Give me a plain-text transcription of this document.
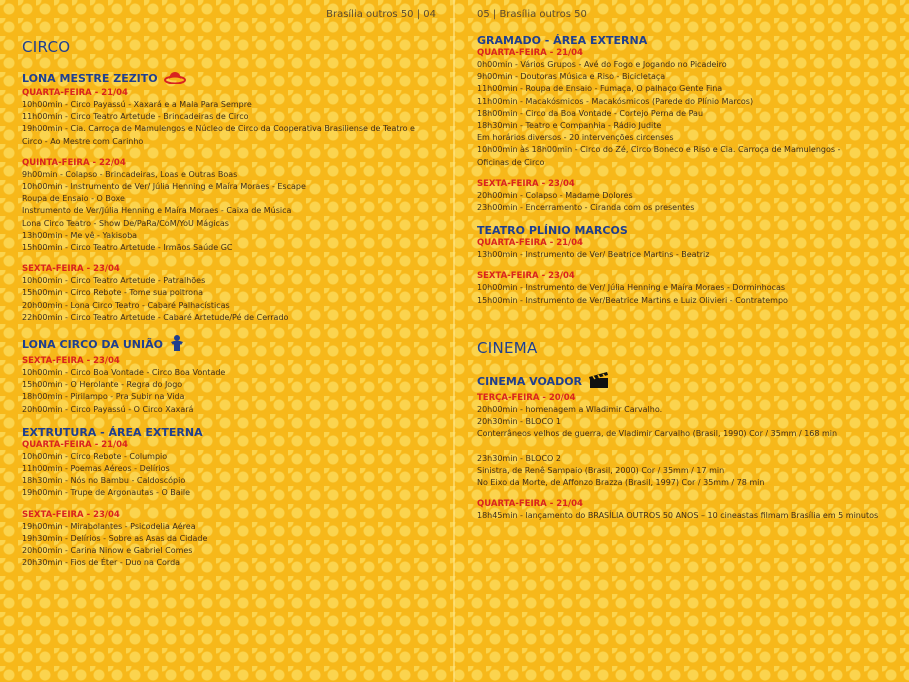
Brasília outros 50 | 04
CIRCO
LONA MESTRE ZEZITO
QUARTA-FEIRA - 21/04
10h00min - Circo Payassú - Xaxará e a Mala Para Sempre
11h00min - Circo Teatro Artetude - Brincadeiras de Circo
19h00min - Cia. Carroça de Mamulengos e Núcleo de Circo da Cooperativa Brasiliense de Teatro e
Circo - Ao Mestre com Carinho
QUINTA-FEIRA - 22/04
9h00min - Colapso - Brincadeiras, Loas e Outras Boas
10h00min - Instrumento de Ver/ Júlia Henning e Maíra Moraes - Escape
Roupa de Ensaio - O Boxe
Instrumento de Ver/Júlia Henning e Maíra Moraes - Caixa de Música
Lona Circo Teatro - Show De/PaRa/CoM/YoU Mágicas
13h00min - Me vê - Yakisoba
15h00min - Circo Teatro Artetude - Irmãos Saúde GC
SEXTA-FEIRA - 23/04
10h00min - Circo Teatro Artetude - Patralhões
15h00min - Circo Rebote - Tome sua poltrona
20h00min - Lona Circo Teatro - Cabaré Palhacísticas
22h00min - Circo Teatro Artetude - Cabaré Artetude/Pé de Cerrado
LONA CIRCO DA UNIÃO
SEXTA-FEIRA - 23/04
10h00min - Circo Boa Vontade - Circo Boa Vontade
15h00min - O Herolante - Regra do Jogo
18h00min - Pirilampo - Pra Subir na Vida
20h00min - Circo Payassú - O Circo Xaxará
EXTRUTURA - ÁREA EXTERNA
QUARTA-FEIRA - 21/04
10h00min - Circo Rebote - Columpio
11h00min - Poemas Aéreos - Delírios
18h30min - Nós no Bambu - Caldoscópio
19h00min - Trupe de Argonautas - O Baile
SEXTA-FEIRA - 23/04
19h00min - Mirabolantes - Psicodelia Aérea
19h30min - Delírios - Sobre as Asas da Cidade
20h00min - Carina Ninow e Gabriel Comes
20h30min - Fios de Éter - Duo na Corda
05 | Brasília outros 50
GRAMADO - ÁREA EXTERNA
QUARTA-FEIRA - 21/04
0h00min - Vários Grupos - Avé do Fogo e Jogando no Picadeiro
9h00min - Doutoras Música e Riso - Bicicletaça
11h00min - Roupa de Ensaio - Fumaça, O palhaço Gente Fina
11h00min - Macakósmicos - Macakósmicos (Parede do Plínio Marcos)
18h00min - Circo da Boa Vontade - Cortejo Perna de Pau
18h30min - Teatro e Companhia - Rádio Judite
Em horários diversos - 20 intervenções circenses
10h00min às 18h00min - Circo do Zé, Circo Boneco e Riso e Cia. Carroça de Mamulengos -
Oficinas de Circo
SEXTA-FEIRA - 23/04
20h00min - Colapso - Madame Dolores
23h00min - Encerramento - Ciranda com os presentes
TEATRO PLÍNIO MARCOS
QUARTA-FEIRA - 21/04
13h00min - Instrumento de Ver/ Beatrice Martins - Beatriz
SEXTA-FEIRA - 23/04
10h00min - Instrumento de Ver/ Júlia Henning e Maíra Moraes - Dorminhocas
15h00min - Instrumento de Ver/Beatrice Martins e Luiz Olivieri - Contratempo
CINEMA
CINEMA VOADOR
TERÇA-FEIRA - 20/04
20h00min - homenagem a Wladimir Carvalho.
20h30min - BLOCO 1
Conterrâneos velhos de guerra, de Vladimir Carvalho (Brasil, 1990) Cor / 35mm / 168 min

23h30min - BLOCO 2
Sinistra, de Renê Sampaio (Brasil, 2000) Cor / 35mm / 17 min
No Eixo da Morte, de Affonzo Brazza (Brasil, 1997) Cor / 35mm / 78 min
QUARTA-FEIRA - 21/04
18h45min - lançamento do BRASÍLIA OUTROS 50 ANOS – 10 cineastas filmam Brasília em 5 minutos
